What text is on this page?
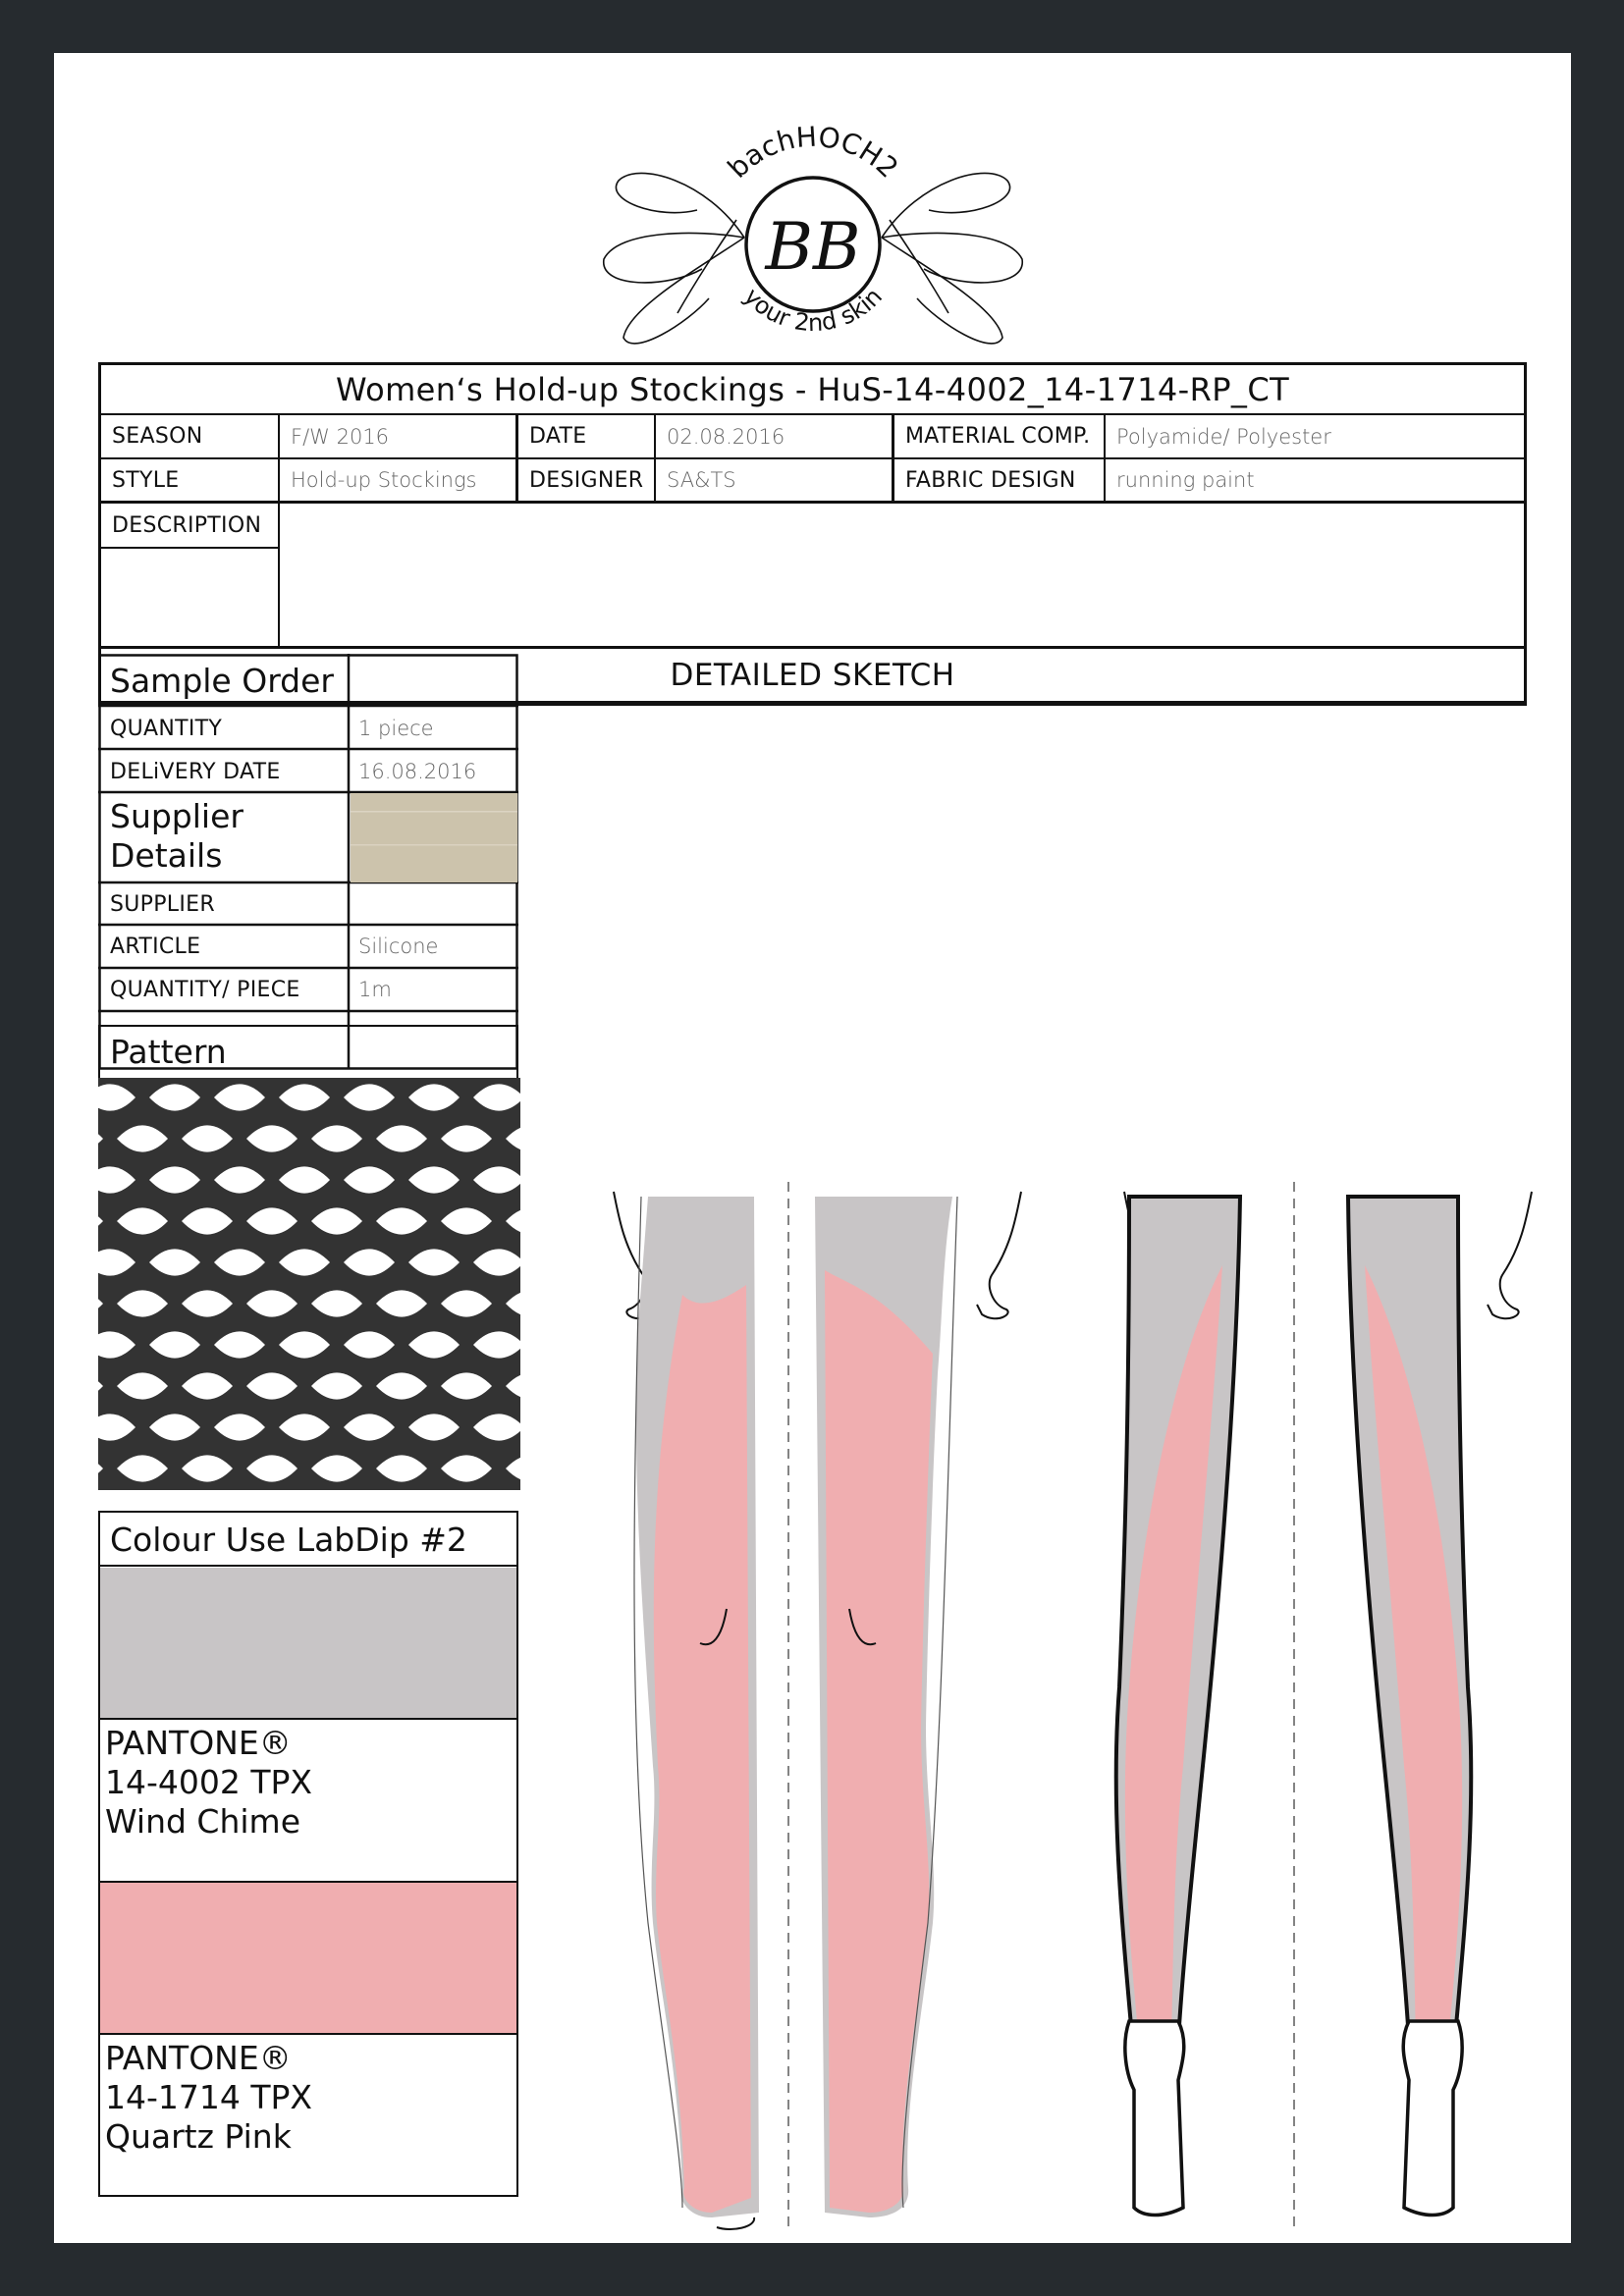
bachHOCH2
your 2nd skin
BB
Women‘s Hold-up Stockings - HuS-14-4002_14-1714-RP_CT
SEASON	F/W 2016	DATE	02.08.2016	MATERIAL COMP.	Polyamide/ Polyester
STYLE	Hold-up Stockings	DESIGNER	SA&TS	FABRIC DESIGN	running paint
DESCRIPTION
DETAILED SKETCH
Sample Order
QUANTITY	1 piece
DELiVERY DATE	16.08.2016
Supplier
Details
SUPPLIER
ARTICLE	Silicone
QUANTITY/ PIECE	1m
Pattern
Colour Use LabDip #2
PANTONE®
14-4002 TPX
Wind Chime
PANTONE®
14-1714 TPX
Quartz Pink
